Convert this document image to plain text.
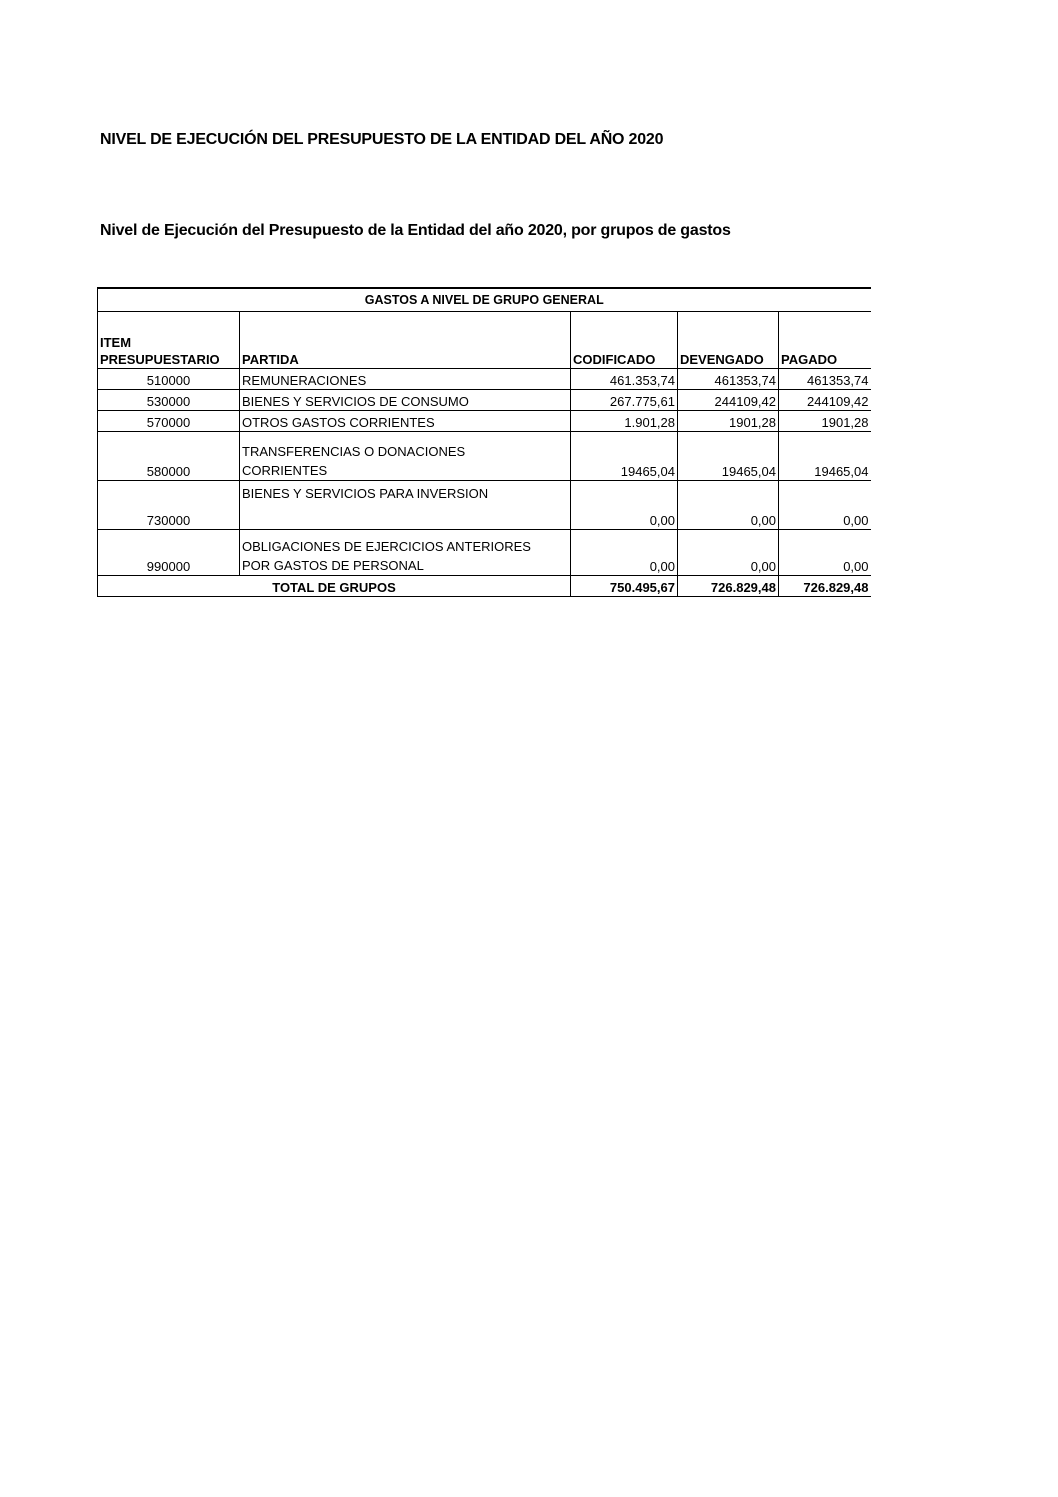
NIVEL DE EJECUCIÓN DEL PRESUPUESTO DE LA ENTIDAD DEL AÑO 2020
Nivel de Ejecución del Presupuesto de la Entidad del año 2020, por grupos de gastos
GASTOS A NIVEL DE GRUPO GENERAL				
ITEM
PRESUPUESTARIO	PARTIDA	CODIFICADO	DEVENGADO	PAGADO
510000	REMUNERACIONES	461.353,74	461353,74	461353,74
530000	BIENES Y SERVICIOS DE CONSUMO	267.775,61	244109,42	244109,42
570000	OTROS GASTOS CORRIENTES	1.901,28	1901,28	1901,28
580000	TRANSFERENCIAS O DONACIONES
CORRIENTES	19465,04	19465,04	19465,04
730000	BIENES Y SERVICIOS PARA INVERSION	0,00	0,00	0,00
990000	OBLIGACIONES DE EJERCICIOS ANTERIORES
POR GASTOS DE PERSONAL	0,00	0,00	0,00
TOTAL DE GRUPOS		750.495,67	726.829,48	726.829,48
